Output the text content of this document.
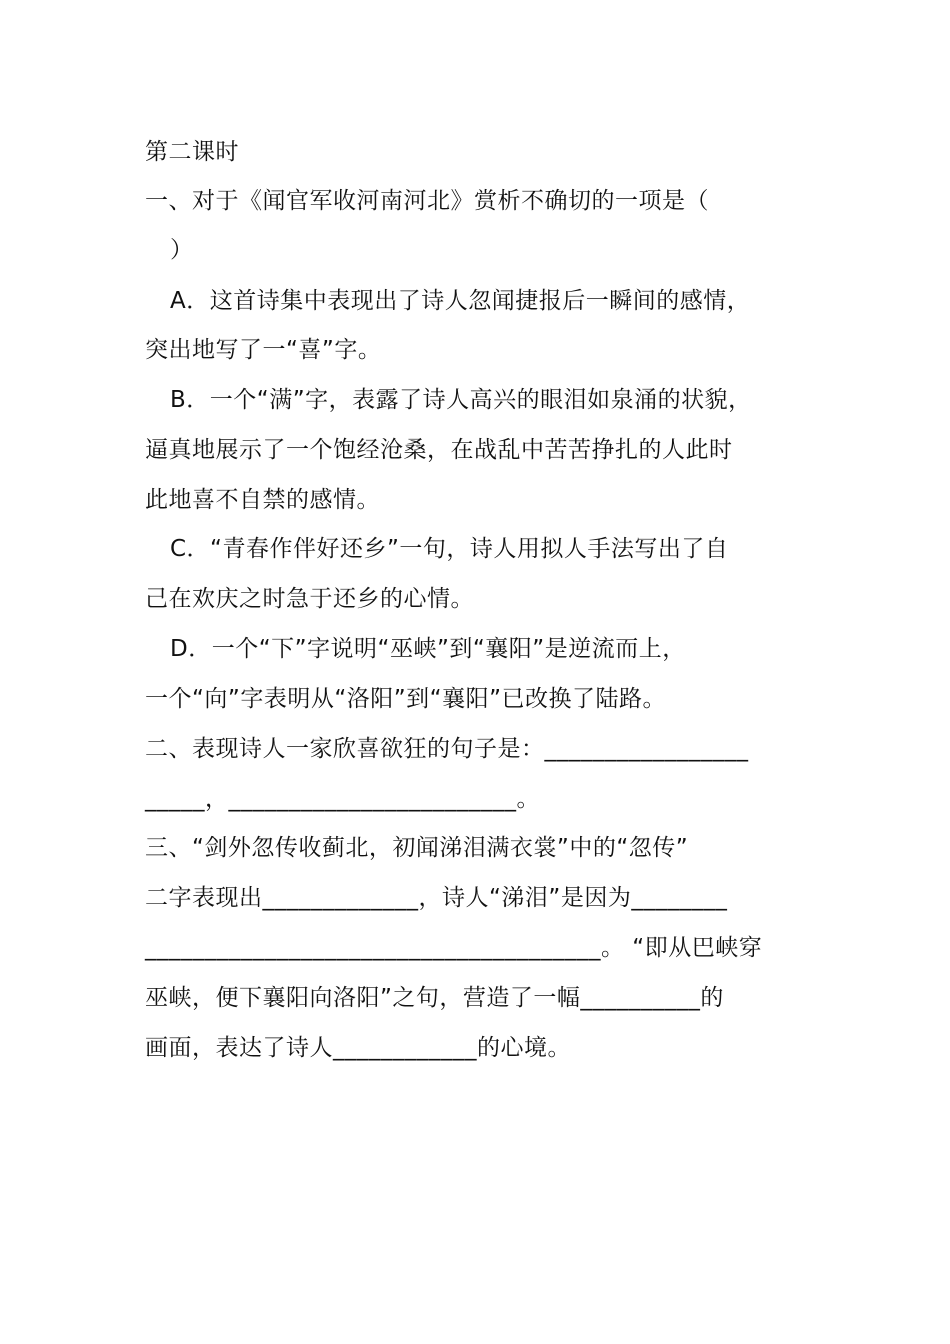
第二课时
一、对于《闻官军收河南河北》赏析不确切的一项是（
）
A．这首诗集中表现出了诗人忽闻捷报后一瞬间的感情，
突出地写了一“喜”字。
B．一个“满”字，表露了诗人高兴的眼泪如泉涌的状貌，
逼真地展示了一个饱经沧桑，在战乱中苦苦挣扎的人此时
此地喜不自禁的感情。
C．“青春作伴好还乡”一句，诗人用拟人手法写出了自
己在欢庆之时急于还乡的心情。
D．一个“下”字说明“巫峡”到“襄阳”是逆流而上，
一个“向”字表明从“洛阳”到“襄阳”已改换了陆路。
二、表现诗人一家欣喜欲狂的句子是：_________________
_____，________________________。
三、“剑外忽传收蓟北，初闻涕泪满衣裳”中的“忽传”
二字表现出_____________，诗人“涕泪”是因为________
______________________________________。 “即从巴峡穿
巫峡，便下襄阳向洛阳”之句，营造了一幅__________的
画面，表达了诗人____________的心境。
